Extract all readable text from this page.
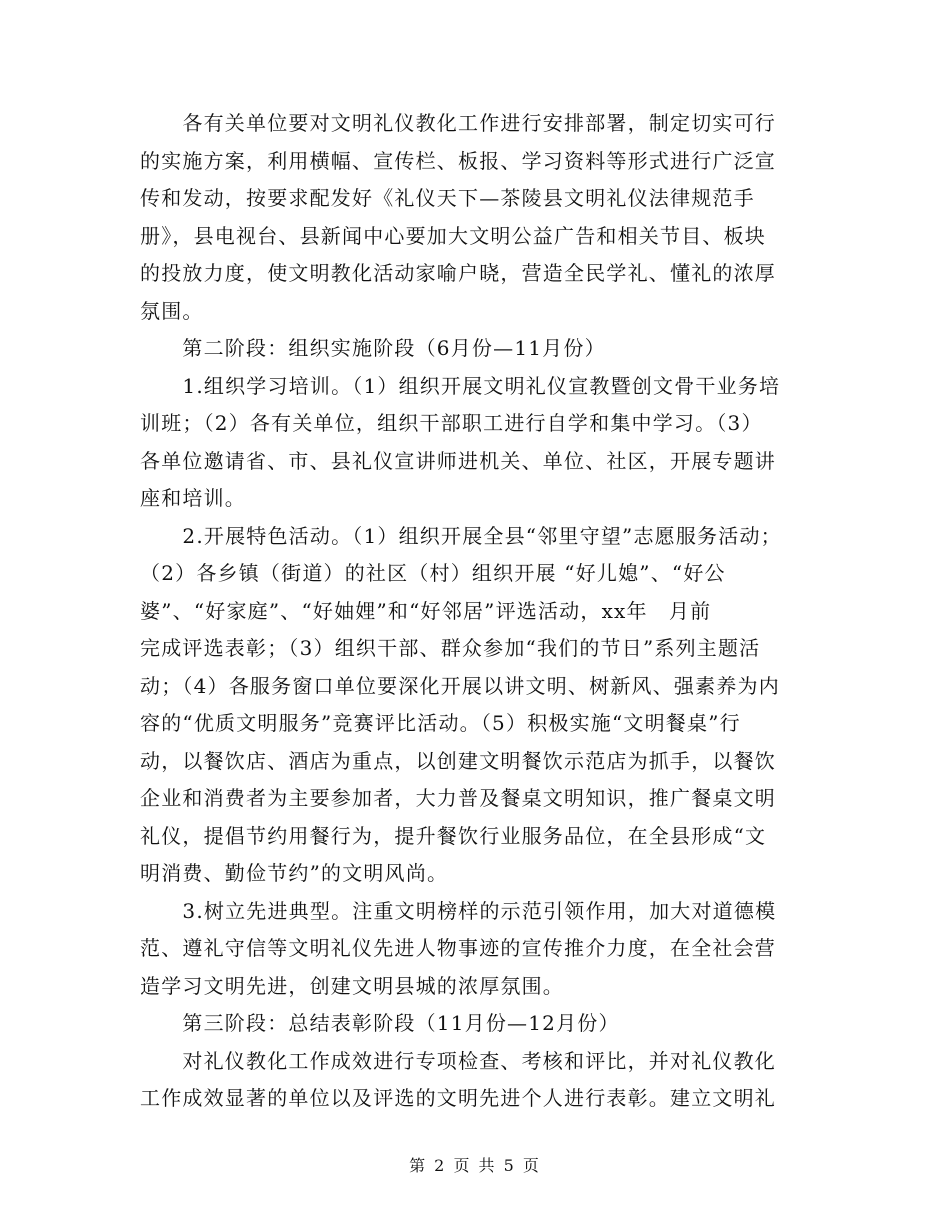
　　各有关单位要对文明礼仪教化工作进行安排部署，制定切实可行
的实施方案，利用横幅、宣传栏、板报、学习资料等形式进行广泛宣
传和发动，按要求配发好《礼仪天下—茶陵县文明礼仪法律规范手
册》，县电视台、县新闻中心要加大文明公益广告和相关节目、板块
的投放力度，使文明教化活动家喻户晓，营造全民学礼、懂礼的浓厚
氛围。
　　第二阶段：组织实施阶段（6月份—11月份）
　　1.组织学习培训。（1）组织开展文明礼仪宣教暨创文骨干业务培
训班；（2）各有关单位，组织干部职工进行自学和集中学习。（3）
各单位邀请省、市、县礼仪宣讲师进机关、单位、社区，开展专题讲
座和培训。
　　2.开展特色活动。（1）组织开展全县“邻里守望”志愿服务活动；
（2）各乡镇（街道）的社区（村）组织开展 “好儿媳”、“好公
婆”、“好家庭”、“好妯娌”和“好邻居”评选活动，xx年　月前
完成评选表彰；（3）组织干部、群众参加“我们的节日”系列主题活
动；（4）各服务窗口单位要深化开展以讲文明、树新风、强素养为内
容的“优质文明服务”竞赛评比活动。（5）积极实施“文明餐桌”行
动，以餐饮店、酒店为重点，以创建文明餐饮示范店为抓手，以餐饮
企业和消费者为主要参加者，大力普及餐桌文明知识，推广餐桌文明
礼仪，提倡节约用餐行为，提升餐饮行业服务品位，在全县形成“文
明消费、勤俭节约”的文明风尚。
　　3.树立先进典型。注重文明榜样的示范引领作用，加大对道德模
范、遵礼守信等文明礼仪先进人物事迹的宣传推介力度，在全社会营
造学习文明先进，创建文明县城的浓厚氛围。
　　第三阶段：总结表彰阶段（11月份—12月份）
　　对礼仪教化工作成效进行专项检查、考核和评比，并对礼仪教化
工作成效显著的单位以及评选的文明先进个人进行表彰。建立文明礼
第 2 页 共 5 页
